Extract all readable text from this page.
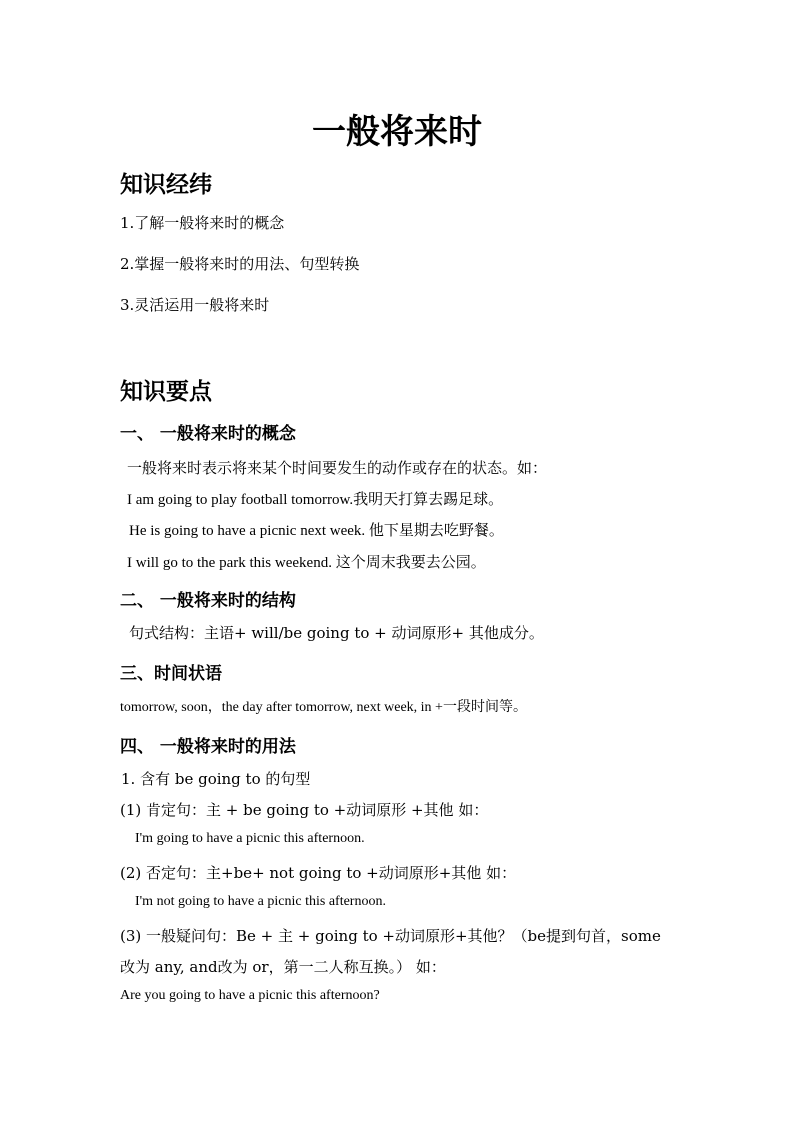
一般将来时
知识经纬
1.了解一般将来时的概念
2.掌握一般将来时的用法、句型转换
3.灵活运用一般将来时
知识要点
一、 一般将来时的概念
一般将来时表示将来某个时间要发生的动作或存在的状态。如：
I am going to play football tomorrow.我明天打算去踢足球。
He is going to have a picnic next week. 他下星期去吃野餐。
I will go to the park this weekend. 这个周末我要去公园。
二、 一般将来时的结构
句式结构：主语+ will/be going to + 动词原形+ 其他成分。
三、时间状语
tomorrow, soon，the day after tomorrow, next week, in +一段时间等。
四、 一般将来时的用法
1. 含有 be going to 的句型
(1) 肯定句：主 + be going to +动词原形 +其他 如：
I'm going to have a picnic this afternoon.
(2) 否定句：主+be+ not going to +动词原形+其他 如：
I'm not going to have a picnic this afternoon.
(3) 一般疑问句：Be + 主 + going to +动词原形+其他？（be提到句首，some
改为 any, and改为 or，第一二人称互换。） 如：
Are you going to have a picnic this afternoon?
